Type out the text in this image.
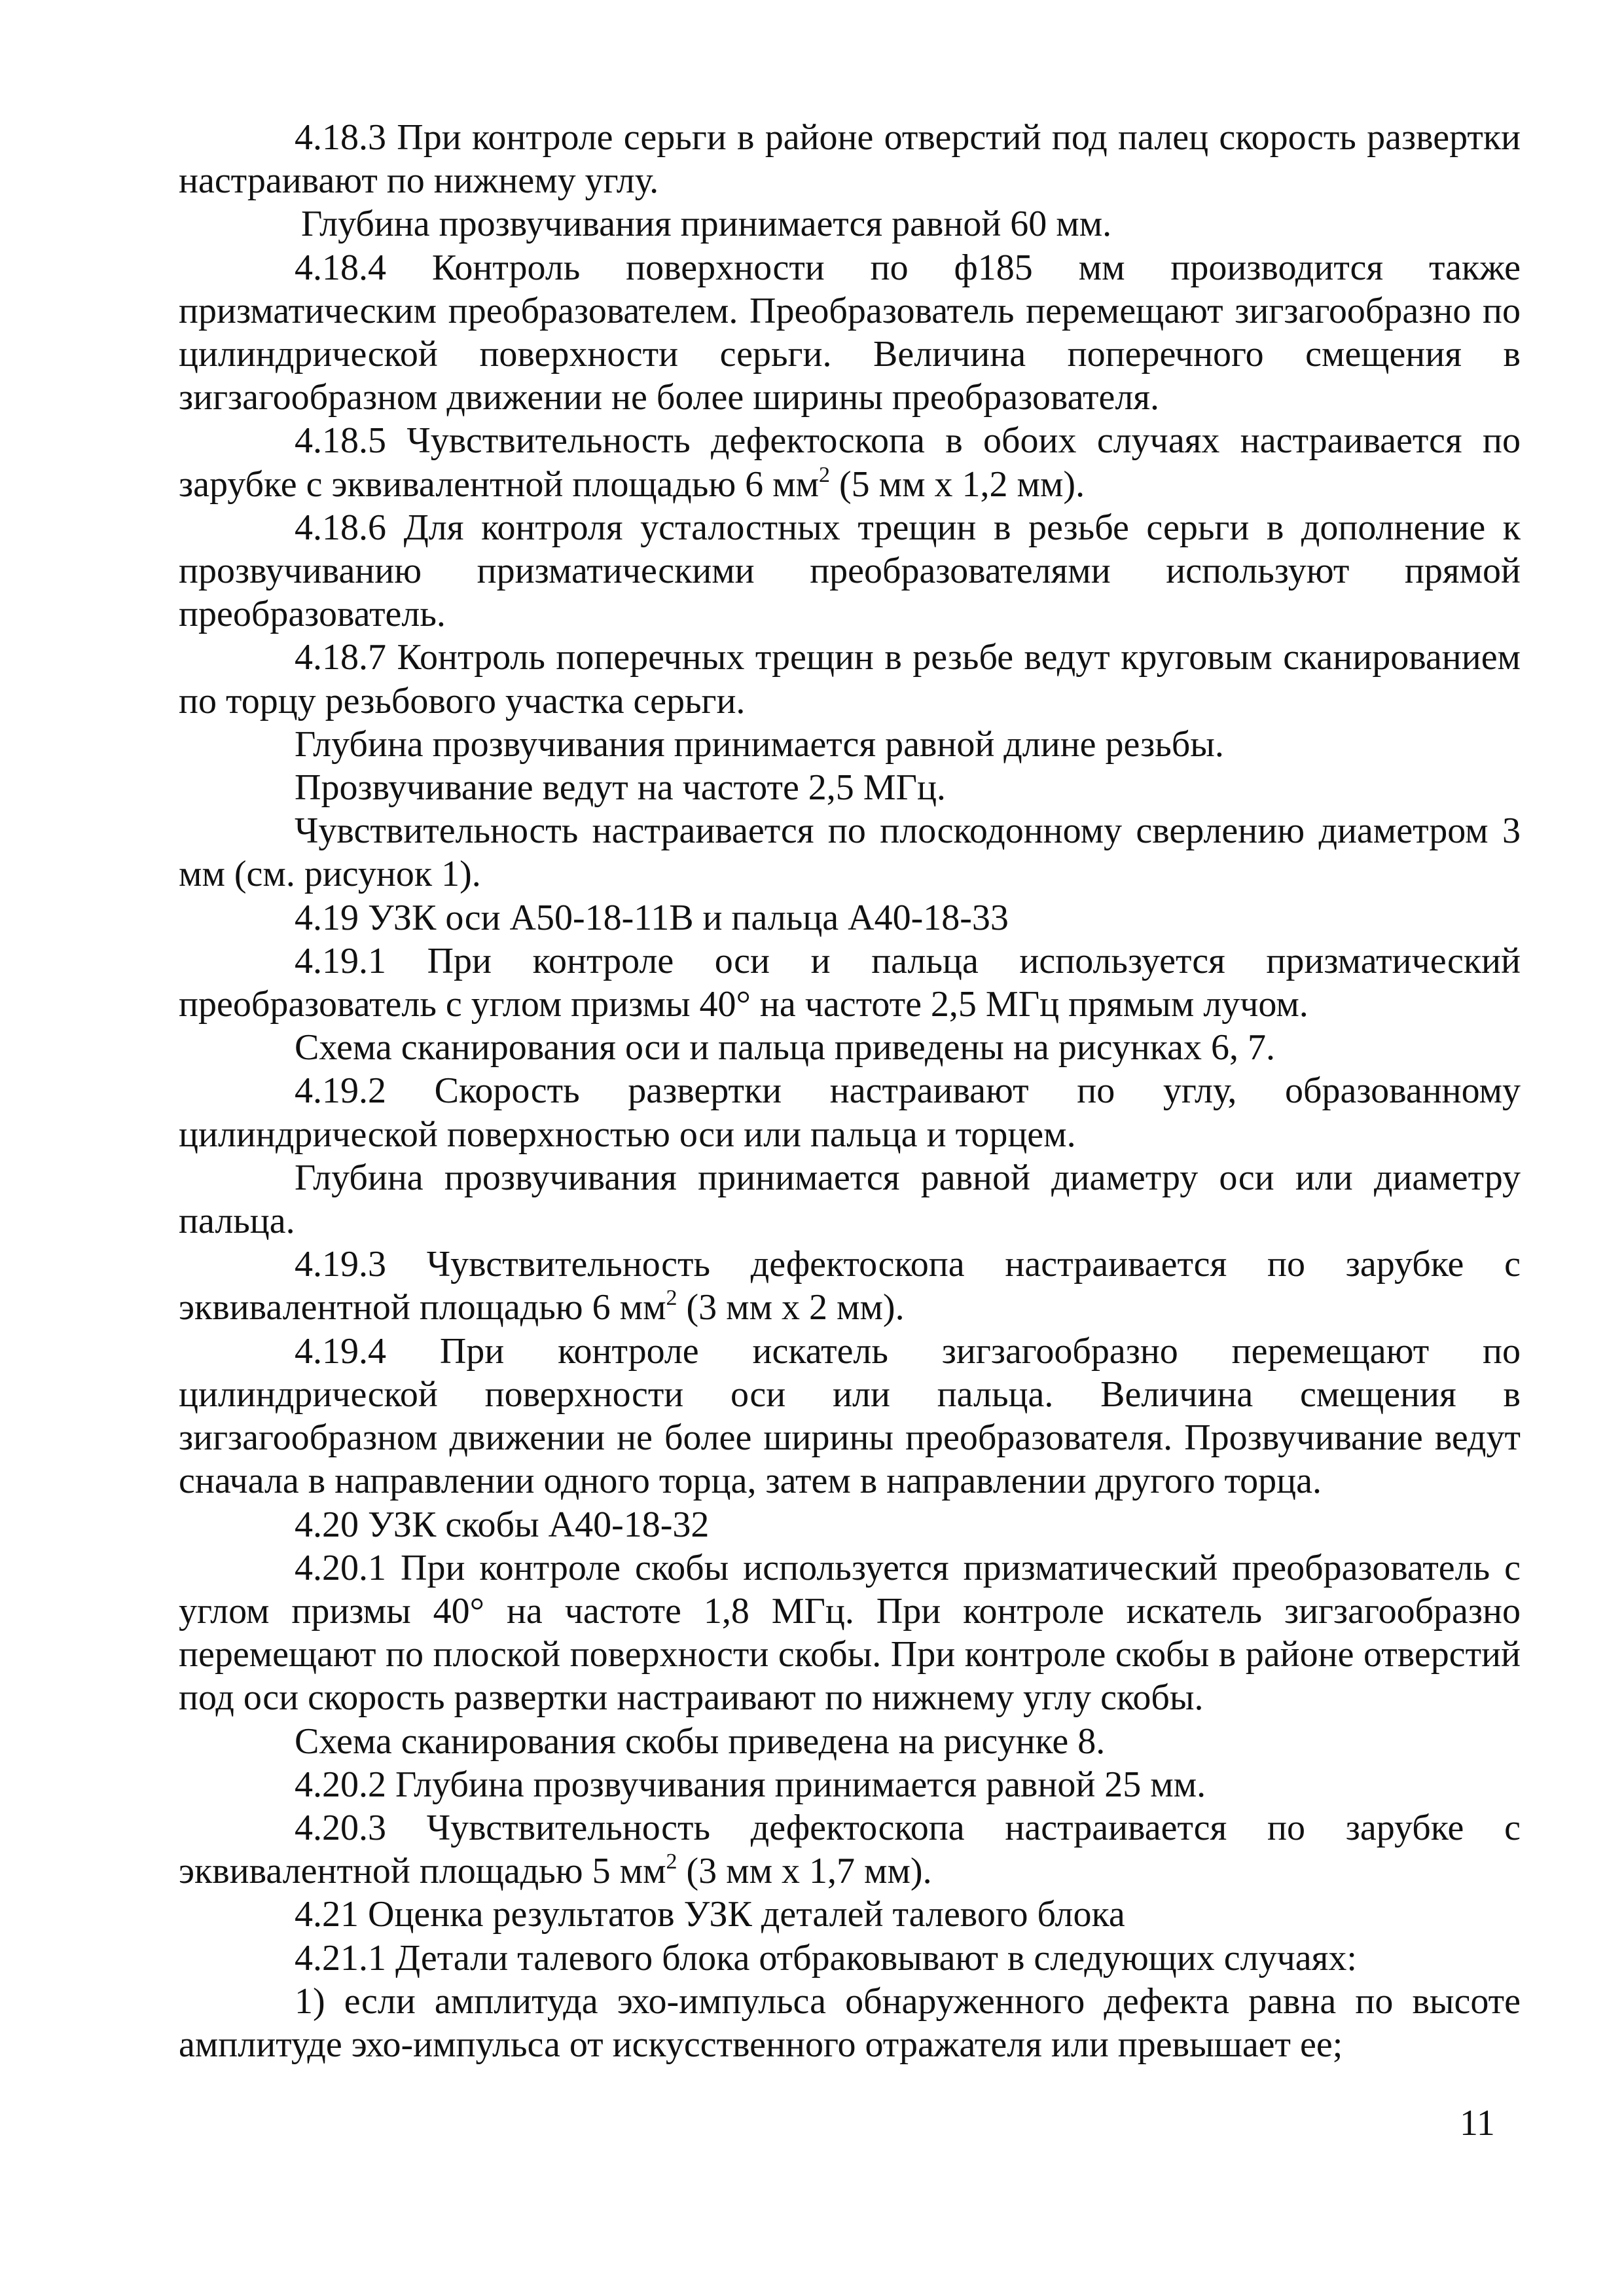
4.18.3 При контроле серьги в районе отверстий под палец скорость развертки настраивают по нижнему углу.

Глубина прозвучивания принимается равной 60 мм.

4.18.4 Контроль поверхности по ф185 мм производится также призматическим преобразователем. Преобразователь перемещают зигзагообразно по цилиндрической поверхности серьги. Величина поперечного смещения в зигзагообразном движении не более ширины преобразователя.

4.18.5 Чувствительность дефектоскопа в обоих случаях настраивается по зарубке с эквивалентной площадью 6 $мм^2$ (5 мм х 1,2 мм).

4.18.6 Для контроля усталостных трещин в резьбе серьги в дополнение к прозвучиванию призматическими преобразователями используют прямой преобразователь.

4.18.7 Контроль поперечных трещин в резьбе ведут круговым сканированием по торцу резьбового участка серьги.

Глубина прозвучивания принимается равной длине резьбы.

Прозвучивание ведут на частоте 2,5 МГц.

Чувствительность настраивается по плоскодонному сверлению диаметром 3 мм (см. рисунок 1).

4.19 УЗК оси А50-18-11В и пальца А40-18-33

4.19.1 При контроле оси и пальца используется призматический преобразователь с углом призмы 40° на частоте 2,5 МГц прямым лучом.

Схема сканирования оси и пальца приведены на рисунках 6, 7.

4.19.2 Скорость развертки настраивают по углу, образованному цилиндрической поверхностью оси или пальца и торцем.

Глубина прозвучивания принимается равной диаметру оси или диаметру пальца.

4.19.3 Чувствительность дефектоскопа настраивается по зарубке с эквивалентной площадью 6 $мм^2$ (3 мм х 2 мм).

4.19.4 При контроле искатель зигзагообразно перемещают по цилиндрической поверхности оси или пальца. Величина смещения в зигзагообразном движении не более ширины преобразователя. Прозвучивание ведут сначала в направлении одного торца, затем в направлении другого торца.

4.20 УЗК скобы А40-18-32

4.20.1 При контроле скобы используется призматический преобразователь с углом призмы 40° на частоте 1,8 МГц. При контроле искатель зигзагообразно перемещают по плоской поверхности скобы. При контроле скобы в районе отверстий под оси скорость развертки настраивают по нижнему углу скобы.

Схема сканирования скобы приведена на рисунке 8.

4.20.2 Глубина прозвучивания принимается равной 25 мм.

4.20.3 Чувствительность дефектоскопа настраивается по зарубке с эквивалентной площадью 5 $мм^2$ (3 мм х 1,7 мм).

4.21 Оценка результатов УЗК деталей талевого блока

4.21.1 Детали талевого блока отбраковывают в следующих случаях:

1) если амплитуда эхо-импульса обнаруженного дефекта равна по высоте амплитуде эхо-импульса от искусственного отражателя или превышает ее;

11
